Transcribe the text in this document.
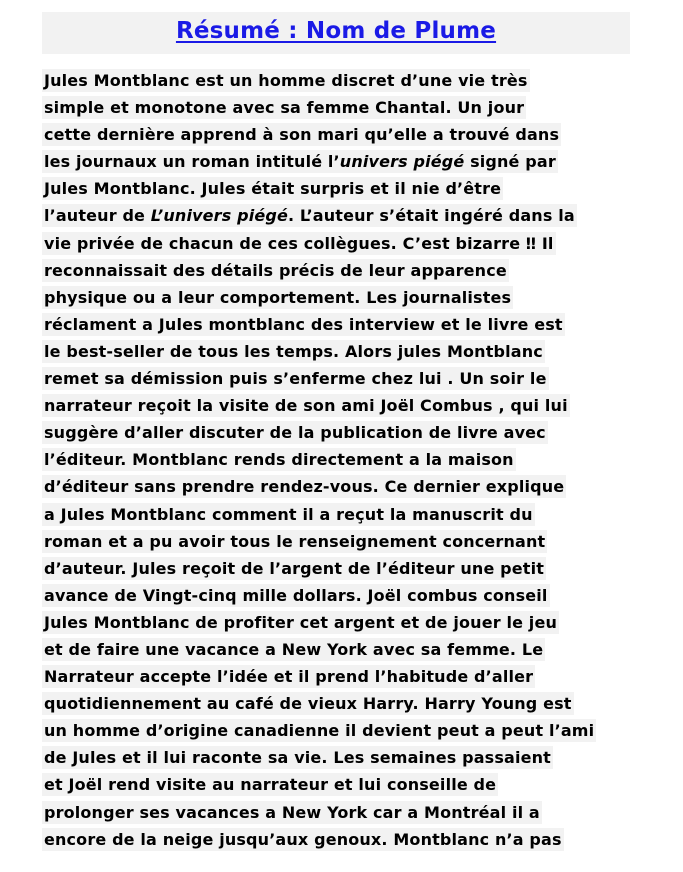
Résumé : Nom de Plume
Jules Montblanc est un homme discret d’une vie très
simple et monotone avec sa femme Chantal. Un jour
cette dernière apprend à son mari qu’elle a trouvé dans
les journaux un roman intitulé l’univers piégé signé par
Jules Montblanc. Jules était surpris et il nie d’être
l’auteur de L’univers piégé. L’auteur s’était ingéré dans la
vie privée de chacun de ces collègues. C’est bizarre ‼ Il
reconnaissait des détails précis de leur apparence
physique ou a leur comportement. Les journalistes
réclament a Jules montblanc des interview et le livre est
le best-seller de tous les temps. Alors jules Montblanc
remet sa démission puis s’enferme chez lui . Un soir le
narrateur reçoit la visite de son ami Joël Combus , qui lui
suggère d’aller discuter de la publication de livre avec
l’éditeur. Montblanc rends directement a la maison
d’éditeur sans prendre rendez-vous. Ce dernier explique
a Jules Montblanc comment il a reçut la manuscrit du
roman et a pu avoir tous le renseignement concernant
d’auteur. Jules reçoit de l’argent de l’éditeur une petit
avance de Vingt-cinq mille dollars. Joël combus conseil
Jules Montblanc de profiter cet argent et de jouer le jeu
et de faire une vacance a New York avec sa femme. Le
Narrateur accepte l’idée et il prend l’habitude d’aller
quotidiennement au café de vieux Harry. Harry Young est
un homme d’origine canadienne il devient peut a peut l’ami
de Jules et il lui raconte sa vie. Les semaines passaient
et Joël rend visite au narrateur et lui conseille de
prolonger ses vacances a New York car a Montréal il a
encore de la neige jusqu’aux genoux. Montblanc n’a pas
